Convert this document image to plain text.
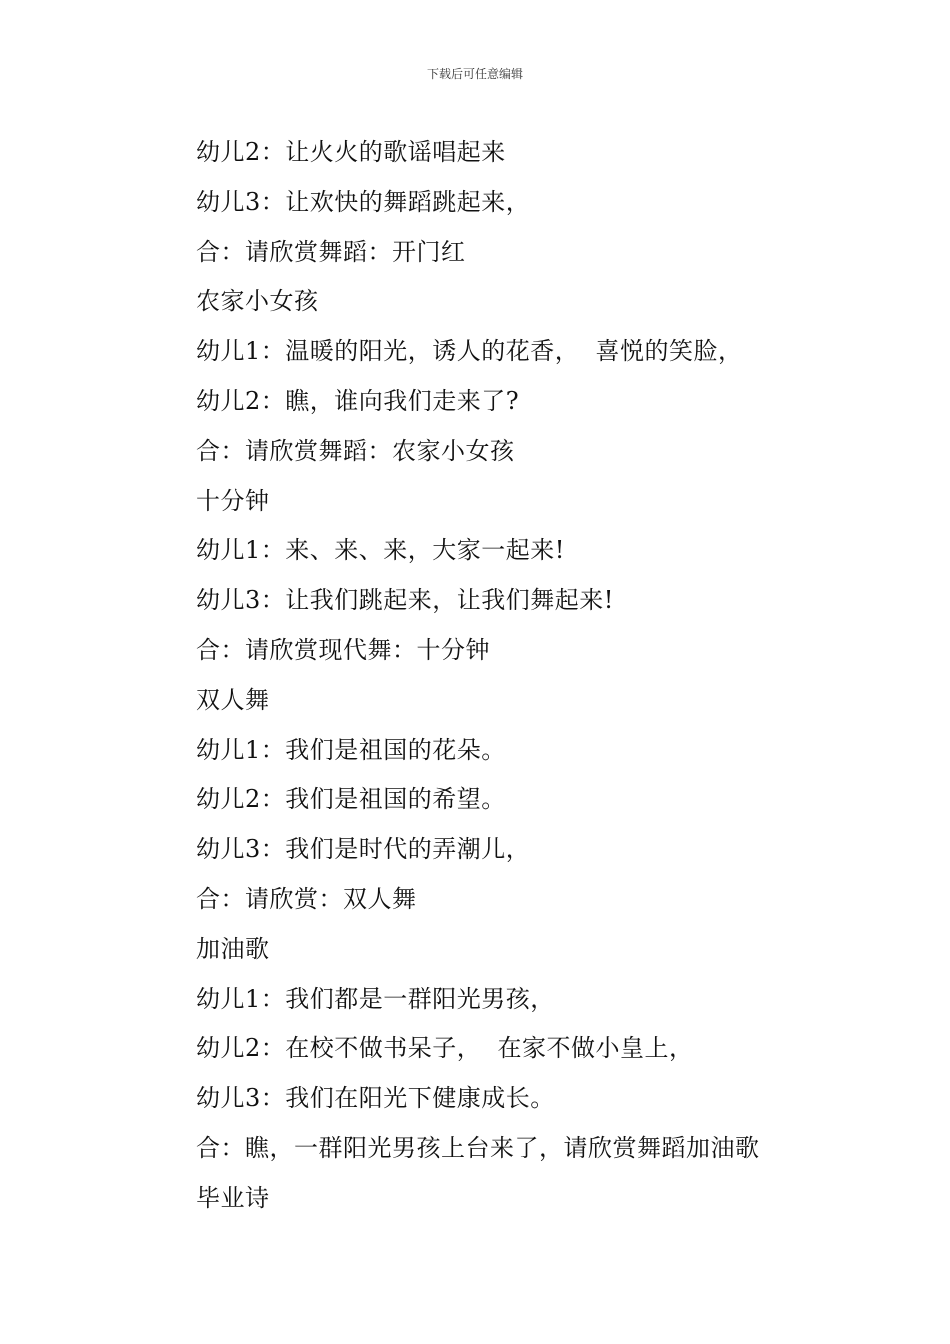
下载后可任意编辑
幼儿2：让火火的歌谣唱起来
幼儿3：让欢快的舞蹈跳起来，
合：请欣赏舞蹈：开门红
农家小女孩
幼儿1：温暖的阳光，诱人的花香，  喜悦的笑脸，
幼儿2：瞧，谁向我们走来了?
合：请欣赏舞蹈：农家小女孩
十分钟
幼儿1：来、来、来，大家一起来!
幼儿3：让我们跳起来，让我们舞起来!
合：请欣赏现代舞：十分钟
双人舞
幼儿1：我们是祖国的花朵。
幼儿2：我们是祖国的希望。
幼儿3：我们是时代的弄潮儿，
合：请欣赏：双人舞
加油歌
幼儿1：我们都是一群阳光男孩，
幼儿2：在校不做书呆子，  在家不做小皇上，
幼儿3：我们在阳光下健康成长。
合：瞧，一群阳光男孩上台来了，请欣赏舞蹈加油歌
毕业诗
